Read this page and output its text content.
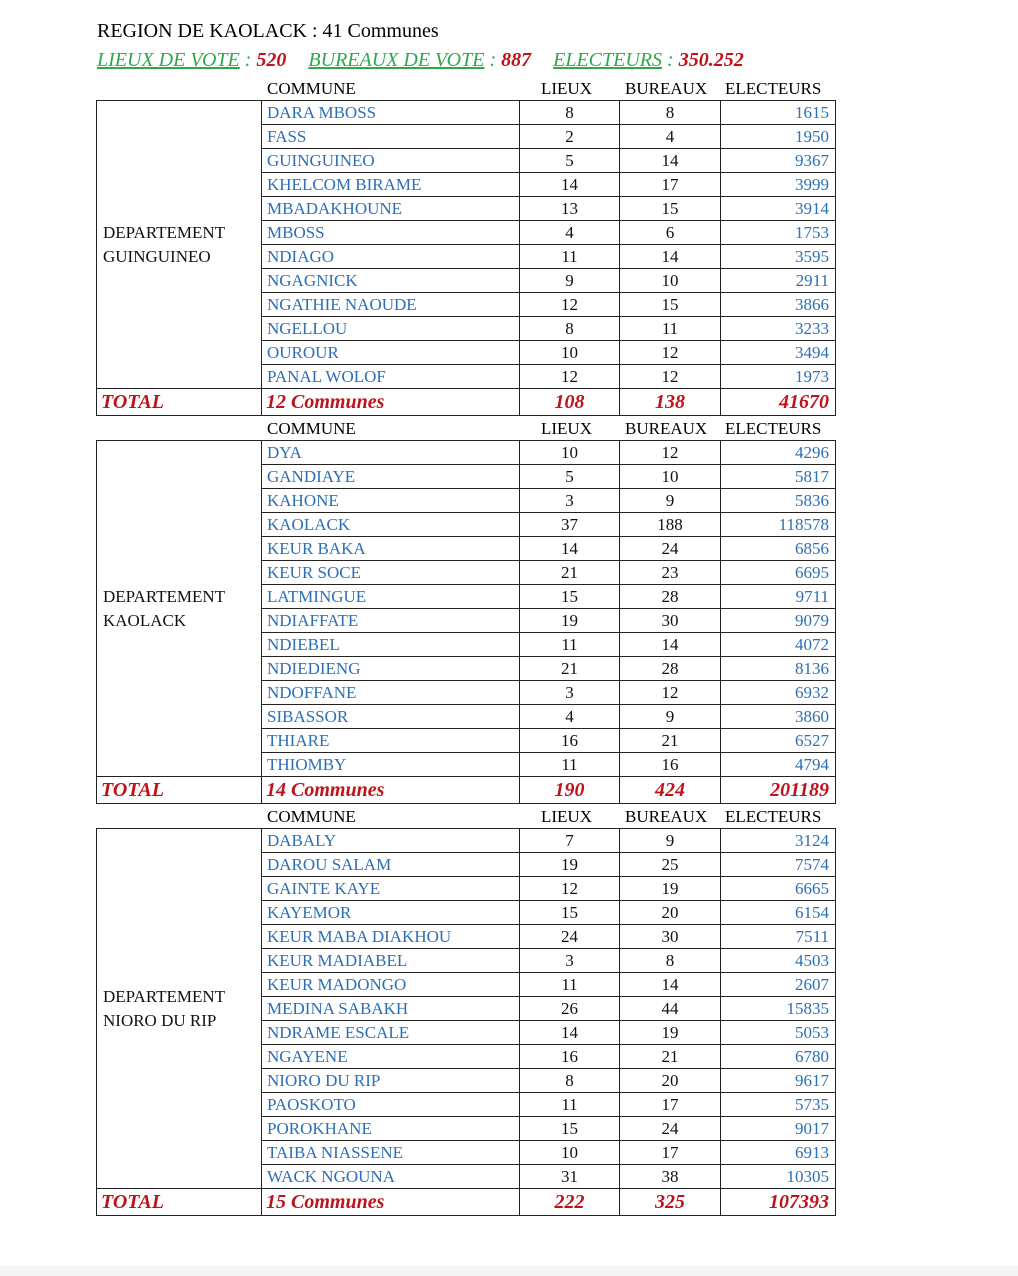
REGION DE KAOLACK : 41 Communes
LIEUX DE VOTE : 520 BUREAUX DE VOTE : 887 ELECTEURS : 350.252
COMMUNE	LIEUX BUREAUX ELECTEURS
DEPARTEMENT
GUINGUINEO	DARA MBOSS	8	8	1615
	FASS	2	4	1950
	GUINGUINEO	5	14	9367
	KHELCOM BIRAME	14	17	3999
	MBADAKHOUNE	13	15	3914
	MBOSS	4	6	1753
	NDIAGO	11	14	3595
	NGAGNICK	9	10	2911
	NGATHIE NAOUDE	12	15	3866
	NGELLOU	8	11	3233
	OUROUR	10	12	3494
	PANAL WOLOF	12	12	1973
TOTAL	12 Communes	108	138	41670
COMMUNE	LIEUX BUREAUX ELECTEURS
DEPARTEMENT
KAOLACK	DYA	10	12	4296
	GANDIAYE	5	10	5817
	KAHONE	3	9	5836
	KAOLACK	37	188	118578
	KEUR BAKA	14	24	6856
	KEUR SOCE	21	23	6695
	LATMINGUE	15	28	9711
	NDIAFFATE	19	30	9079
	NDIEBEL	11	14	4072
	NDIEDIENG	21	28	8136
	NDOFFANE	3	12	6932
	SIBASSOR	4	9	3860
	THIARE	16	21	6527
	THIOMBY	11	16	4794
TOTAL	14 Communes	190	424	201189
COMMUNE	LIEUX BUREAUX ELECTEURS
DEPARTEMENT
NIORO DU RIP	DABALY	7	9	3124
	DAROU SALAM	19	25	7574
	GAINTE KAYE	12	19	6665
	KAYEMOR	15	20	6154
	KEUR MABA DIAKHOU	24	30	7511
	KEUR MADIABEL	3	8	4503
	KEUR MADONGO	11	14	2607
	MEDINA SABAKH	26	44	15835
	NDRAME ESCALE	14	19	5053
	NGAYENE	16	21	6780
	NIORO DU RIP	8	20	9617
	PAOSKOTO	11	17	5735
	POROKHANE	15	24	9017
	TAIBA NIASSENE	10	17	6913
	WACK NGOUNA	31	38	10305
TOTAL	15 Communes	222	325	107393
